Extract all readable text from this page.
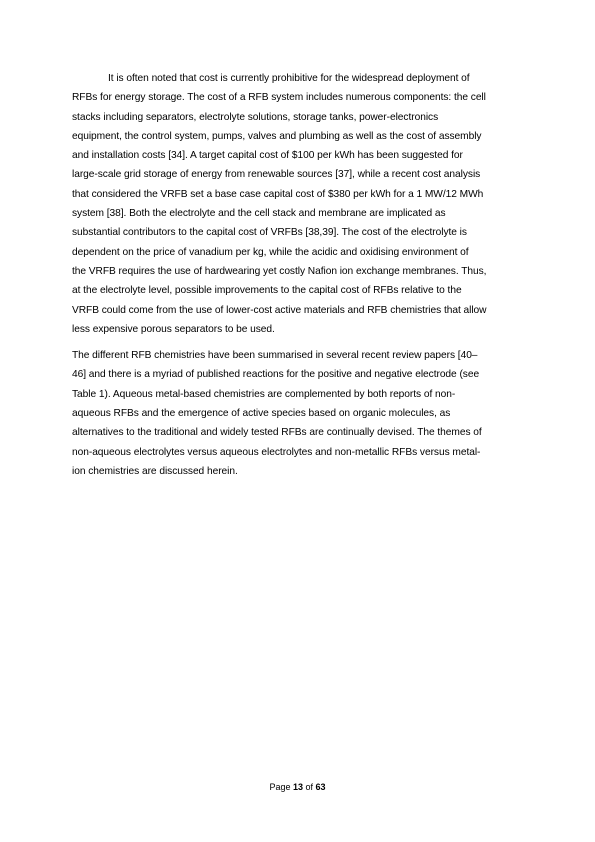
It is often noted that cost is currently prohibitive for the widespread deployment of
RFBs for energy storage. The cost of a RFB system includes numerous components: the cell
stacks including separators, electrolyte solutions, storage tanks, power-electronics
equipment, the control system, pumps, valves and plumbing as well as the cost of assembly
and installation costs [34]. A target capital cost of $100 per kWh has been suggested for
large-scale grid storage of energy from renewable sources [37], while a recent cost analysis
that considered the VRFB set a base case capital cost of $380 per kWh for a 1 MW/12 MWh
system [38]. Both the electrolyte and the cell stack and membrane are implicated as
substantial contributors to the capital cost of VRFBs [38,39]. The cost of the electrolyte is
dependent on the price of vanadium per kg, while the acidic and oxidising environment of
the VRFB requires the use of hardwearing yet costly Nafion ion exchange membranes. Thus,
at the electrolyte level, possible improvements to the capital cost of RFBs relative to the
VRFB could come from the use of lower-cost active materials and RFB chemistries that allow
less expensive porous separators to be used.
The different RFB chemistries have been summarised in several recent review papers [40–
46] and there is a myriad of published reactions for the positive and negative electrode (see
Table 1). Aqueous metal-based chemistries are complemented by both reports of non-
aqueous RFBs and the emergence of active species based on organic molecules, as
alternatives to the traditional and widely tested RFBs are continually devised. The themes of
non-aqueous electrolytes versus aqueous electrolytes and non-metallic RFBs versus metal-
ion chemistries are discussed herein.
Page 13 of 63
